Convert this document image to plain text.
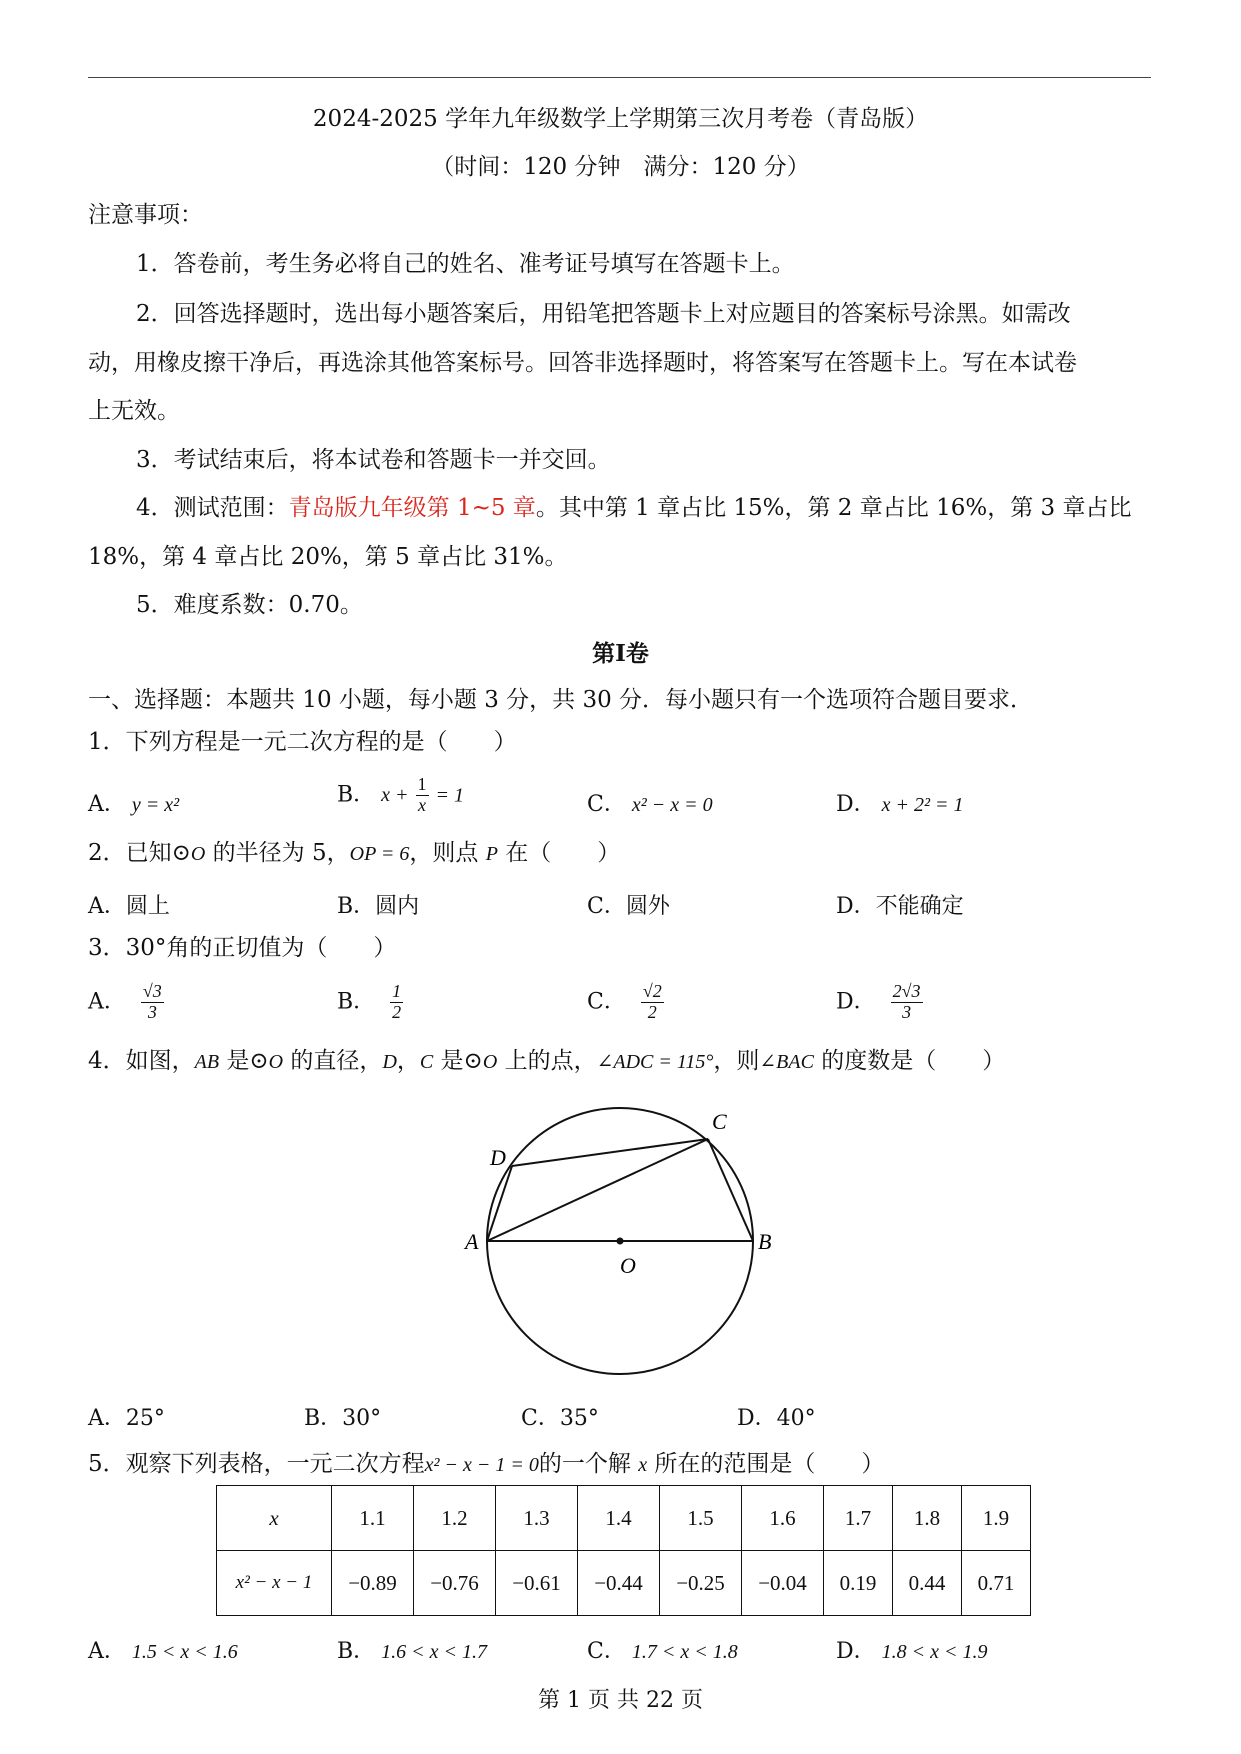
2024-2025 学年九年级数学上学期第三次月考卷（青岛版）
（时间：120 分钟　满分：120 分）
注意事项：
1．答卷前，考生务必将自己的姓名、准考证号填写在答题卡上。
2．回答选择题时，选出每小题答案后，用铅笔把答题卡上对应题目的答案标号涂黑。如需改
动，用橡皮擦干净后，再选涂其他答案标号。回答非选择题时，将答案写在答题卡上。写在本试卷
上无效。
3．考试结束后，将本试卷和答题卡一并交回。
4．测试范围：青岛版九年级第 1~5 章。其中第 1 章占比 15%，第 2 章占比 16%，第 3 章占比
18%，第 4 章占比 20%，第 5 章占比 31%。
5．难度系数：0.70。
第I卷
一、选择题：本题共 10 小题，每小题 3 分，共 30 分．每小题只有一个选项符合题目要求．
1．下列方程是一元二次方程的是（　　）
A． y = x²	B． $x + \frac{1}{x} = 1$	C． x² − x = 0	D． x + 2² = 1
2．已知⊙O 的半径为 5，OP = 6，则点 P 在（　　）
A．圆上	B．圆内	C．圆外	D．不能确定
3．30°角的正切值为（　　）
A． $\frac{√3}{3}$	B． $\frac{1}{2}$	C． $\frac{√2}{2}$	D． $\frac{2√3}{3}$
4．如图，AB 是⊙O 的直径，D，C 是⊙O 上的点，∠ADC = 115°，则∠BAC 的度数是（　　）
A	B
C
D
O
A．25°	B．30°	C．35°	D．40°
5．观察下列表格，一元二次方程x² − x − 1 = 0的一个解 x 所在的范围是（　　）
x	1.1	1.2	1.3	1.4	1.5	1.6	1.7	1.8	1.9
x² − x − 1	−0.89	−0.76	−0.61	−0.44	−0.25	−0.04	0.19	0.44	0.71
A． 1.5 < x < 1.6	B． 1.6 < x < 1.7	C． 1.7 < x < 1.8	D． 1.8 < x < 1.9
第 1 页 共 22 页
